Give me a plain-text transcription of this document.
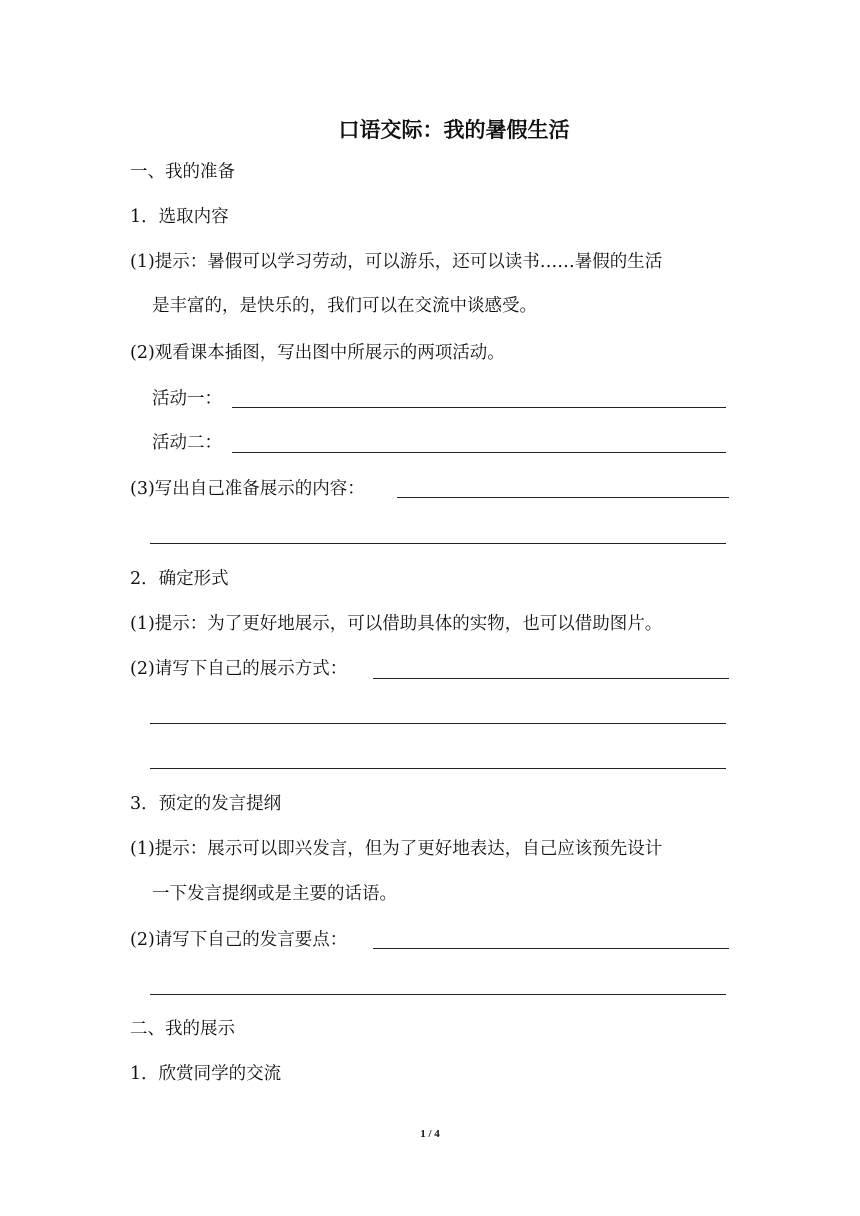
口语交际：我的暑假生活
一、我的准备
1．选取内容
(1)提示：暑假可以学习劳动，可以游乐，还可以读书……暑假的生活
是丰富的，是快乐的，我们可以在交流中谈感受。
(2)观看课本插图，写出图中所展示的两项活动。
活动一：
活动二：
(3)写出自己准备展示的内容：
2．确定形式
(1)提示：为了更好地展示，可以借助具体的实物，也可以借助图片。
(2)请写下自己的展示方式：
3．预定的发言提纲
(1)提示：展示可以即兴发言，但为了更好地表达，自己应该预先设计
一下发言提纲或是主要的话语。
(2)请写下自己的发言要点：
二、我的展示
1．欣赏同学的交流
1 / 4
